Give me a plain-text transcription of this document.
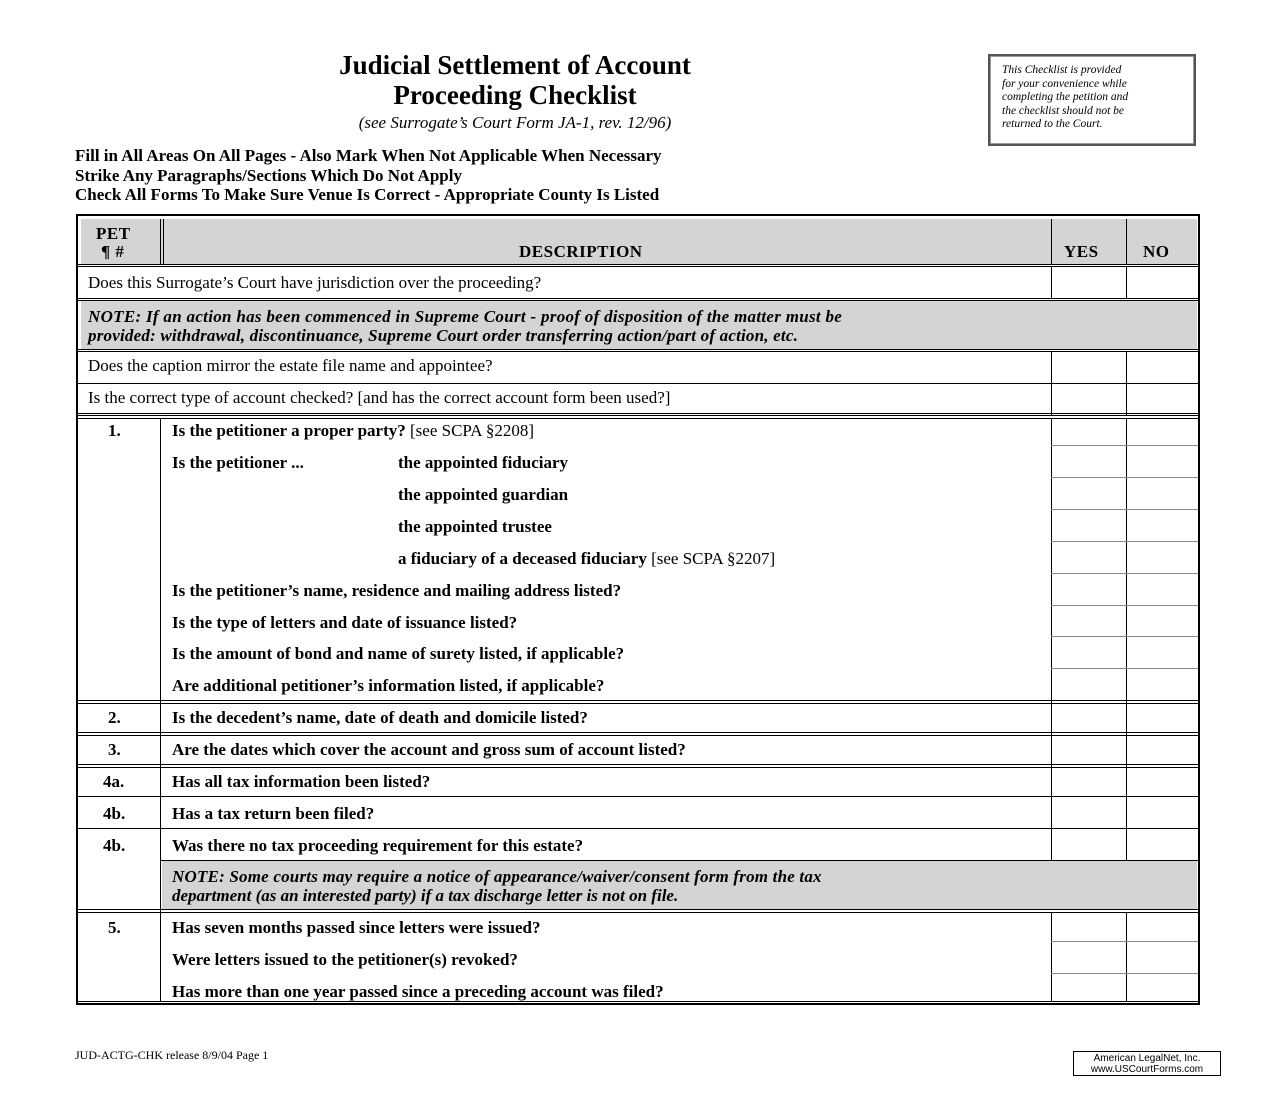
Judicial Settlement of Account
Proceeding Checklist
(see Surrogate’s Court Form JA-1, rev. 12/96)
This Checklist is provided
for your convenience while
completing the petition and
the checklist should not be
returned to the Court.
Fill in All Areas On All Pages - Also Mark When Not Applicable When Necessary
Strike Any Paragraphs/Sections Which Do Not Apply
Check All Forms To Make Sure Venue Is Correct - Appropriate County Is Listed
PET
¶ #	DESCRIPTION	YES	NO
Does this Surrogate’s Court have jurisdiction over the proceeding?
NOTE: If an action has been commenced in Supreme Court - proof of disposition of the matter must be
provided: withdrawal, discontinuance, Supreme Court order transferring action/part of action, etc.
Does the caption mirror the estate file name and appointee?
Is the correct type of account checked? [and has the correct account form been used?]
1.	Is the petitioner a proper party? [see SCPA §2208]
Is the petitioner ...	the appointed fiduciary
the appointed guardian
the appointed trustee
a fiduciary of a deceased fiduciary [see SCPA §2207]
Is the petitioner’s name, residence and mailing address listed?
Is the type of letters and date of issuance listed?
Is the amount of bond and name of surety listed, if applicable?
Are additional petitioner’s information listed, if applicable?
2.	Is the decedent’s name, date of death and domicile listed?
3.	Are the dates which cover the account and gross sum of account listed?
4a.	Has all tax information been listed?
4b.	Has a tax return been filed?
4b.	Was there no tax proceeding requirement for this estate?
NOTE: Some courts may require a notice of appearance/waiver/consent form from the tax
department (as an interested party) if a tax discharge letter is not on file.
5.	Has seven months passed since letters were issued?
Were letters issued to the petitioner(s) revoked?
Has more than one year passed since a preceding account was filed?
JUD-ACTG-CHK release 8/9/04 Page 1	American LegalNet, Inc.
www.USCourtForms.com
